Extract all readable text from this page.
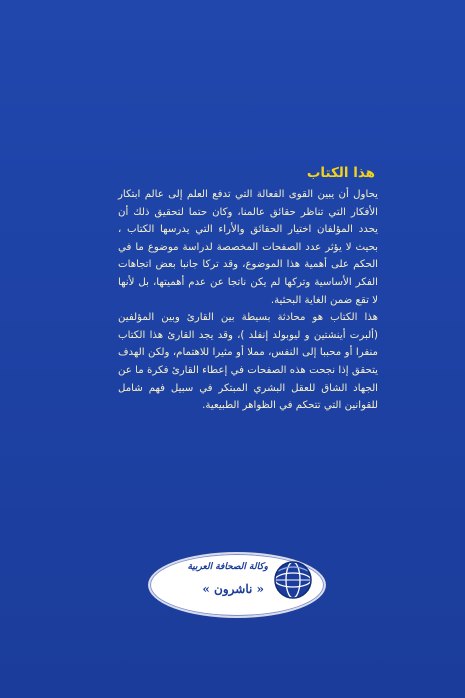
هذا الكتاب

يحاول أن يبين القوى الفعالة التي تدفع العلم إلى عالم ابتكار الأفكار التي تناظر حقائق عالمنا، وكان حتما لتحقيق ذلك أن يحدد المؤلفان اختيار الحقائق والأراء التي يدرسها الكتاب ، بحيث لا يؤثر عدد الصفحات المخصصة لدراسة موضوع ما في الحكم على أهمية هذا الموضوع، وقد تركا جانبا بعض اتجاهات الفكر الأساسية وتركها لم يكن ناتجا عن عدم أهميتها، بل لأنها لا تقع ضمن الغاية البحثية.

هذا الكتاب هو محادثة بسيطة بين القارئ وبين المؤلفين (ألبرت أينشتين و ليوبولد إنفلد )، وقد يجد القارئ هذا الكتاب منفرا أو محببا إلى النفس، مملا أو مثيرا للاهتمام، ولكن الهدف يتحقق إذا نجحت هذه الصفحات في إعطاء القارئ فكرة ما عن الجهاد الشاق للعقل البشري المبتكر في سبيل فهم شامل للقوانين التي تتحكم في الظواهر الطبيعية.

وكالة الصحافة العربية
« ناشرون »
